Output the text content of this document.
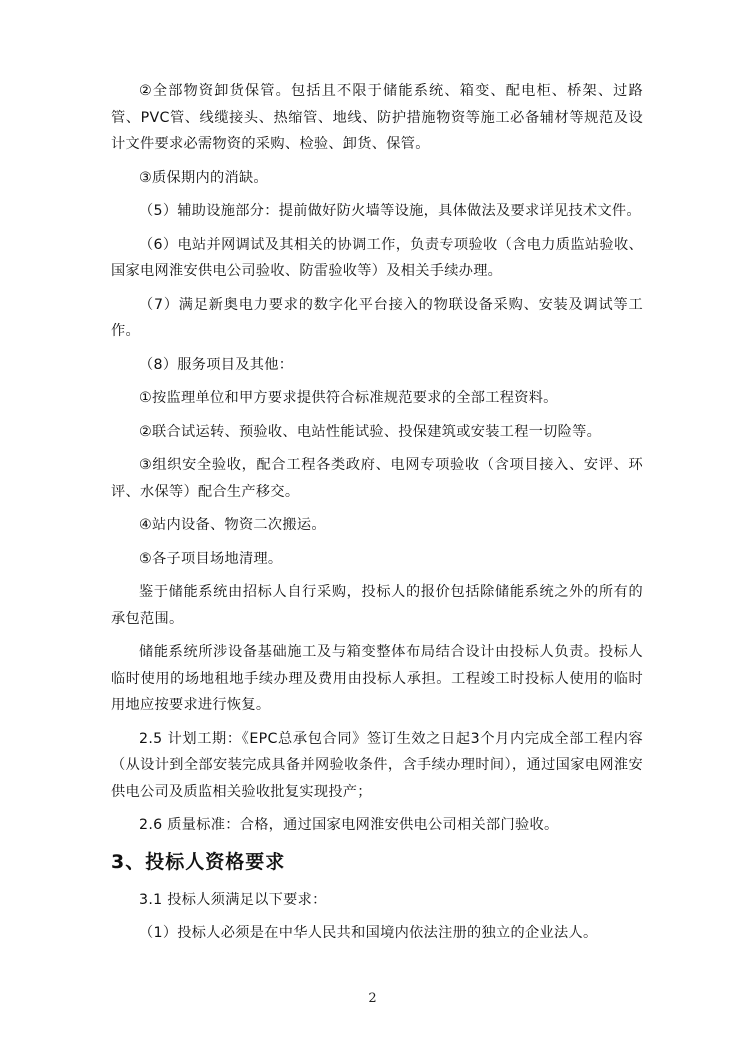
②全部物资卸货保管。包括且不限于储能系统、箱变、配电柜、桥架、过路管、PVC管、线缆接头、热缩管、地线、防护措施物资等施工必备辅材等规范及设计文件要求必需物资的采购、检验、卸货、保管。

③质保期内的消缺。

（5）辅助设施部分：提前做好防火墙等设施，具体做法及要求详见技术文件。

（6）电站并网调试及其相关的协调工作，负责专项验收（含电力质监站验收、国家电网淮安供电公司验收、防雷验收等）及相关手续办理。

（7）满足新奥电力要求的数字化平台接入的物联设备采购、安装及调试等工作。

（8）服务项目及其他：

①按监理单位和甲方要求提供符合标准规范要求的全部工程资料。

②联合试运转、预验收、电站性能试验、投保建筑或安装工程一切险等。

③组织安全验收，配合工程各类政府、电网专项验收（含项目接入、安评、环评、水保等）配合生产移交。

④站内设备、物资二次搬运。

⑤各子项目场地清理。

鉴于储能系统由招标人自行采购，投标人的报价包括除储能系统之外的所有的承包范围。

储能系统所涉设备基础施工及与箱变整体布局结合设计由投标人负责。投标人临时使用的场地租地手续办理及费用由投标人承担。工程竣工时投标人使用的临时用地应按要求进行恢复。

2.5 计划工期：《EPC总承包合同》签订生效之日起3个月内完成全部工程内容（从设计到全部安装完成具备并网验收条件，含手续办理时间），通过国家电网淮安供电公司及质监相关验收批复实现投产；

2.6 质量标准：合格，通过国家电网淮安供电公司相关部门验收。

3、投标人资格要求

3.1 投标人须满足以下要求：

（1）投标人必须是在中华人民共和国境内依法注册的独立的企业法人。

2
